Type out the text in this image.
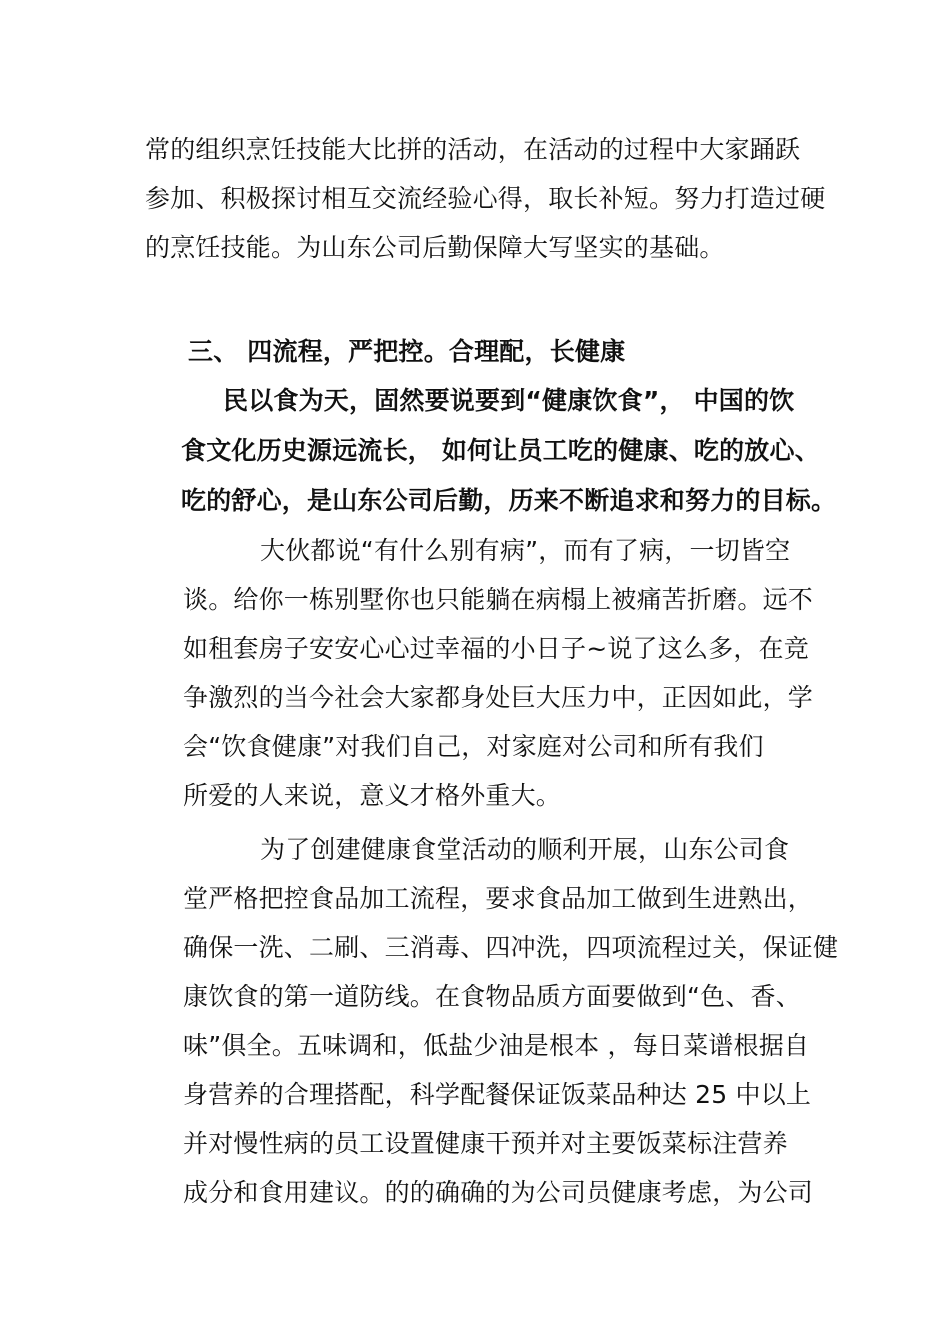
常的组织烹饪技能大比拼的活动，在活动的过程中大家踊跃
参加、积极探讨相互交流经验心得，取长补短。努力打造过硬
的烹饪技能。为山东公司后勤保障大写坚实的基础。
三、 四流程，严把控。合理配，长健康
民以食为天，固然要说要到“健康饮食”， 中国的饮
食文化历史源远流长， 如何让员工吃的健康、吃的放心、
吃的舒心，是山东公司后勤，历来不断追求和努力的目标。
大伙都说“有什么别有病”，而有了病，一切皆空
谈。给你一栋别墅你也只能躺在病榻上被痛苦折磨。远不
如租套房子安安心心过幸福的小日子~说了这么多，在竞
争激烈的当今社会大家都身处巨大压力中，正因如此，学
会“饮食健康”对我们自己，对家庭对公司和所有我们
所爱的人来说，意义才格外重大。
为了创建健康食堂活动的顺利开展，山东公司食
堂严格把控食品加工流程，要求食品加工做到生进熟出，
确保一洗、二刷、三消毒、四冲洗，四项流程过关，保证健
康饮食的第一道防线。在食物品质方面要做到“色、香、
味”俱全。五味调和，低盐少油是根本 ，每日菜谱根据自
身营养的合理搭配，科学配餐保证饭菜品种达 25 中以上
并对慢性病的员工设置健康干预并对主要饭菜标注营养
成分和食用建议。的的确确的为公司员健康考虑，为公司
